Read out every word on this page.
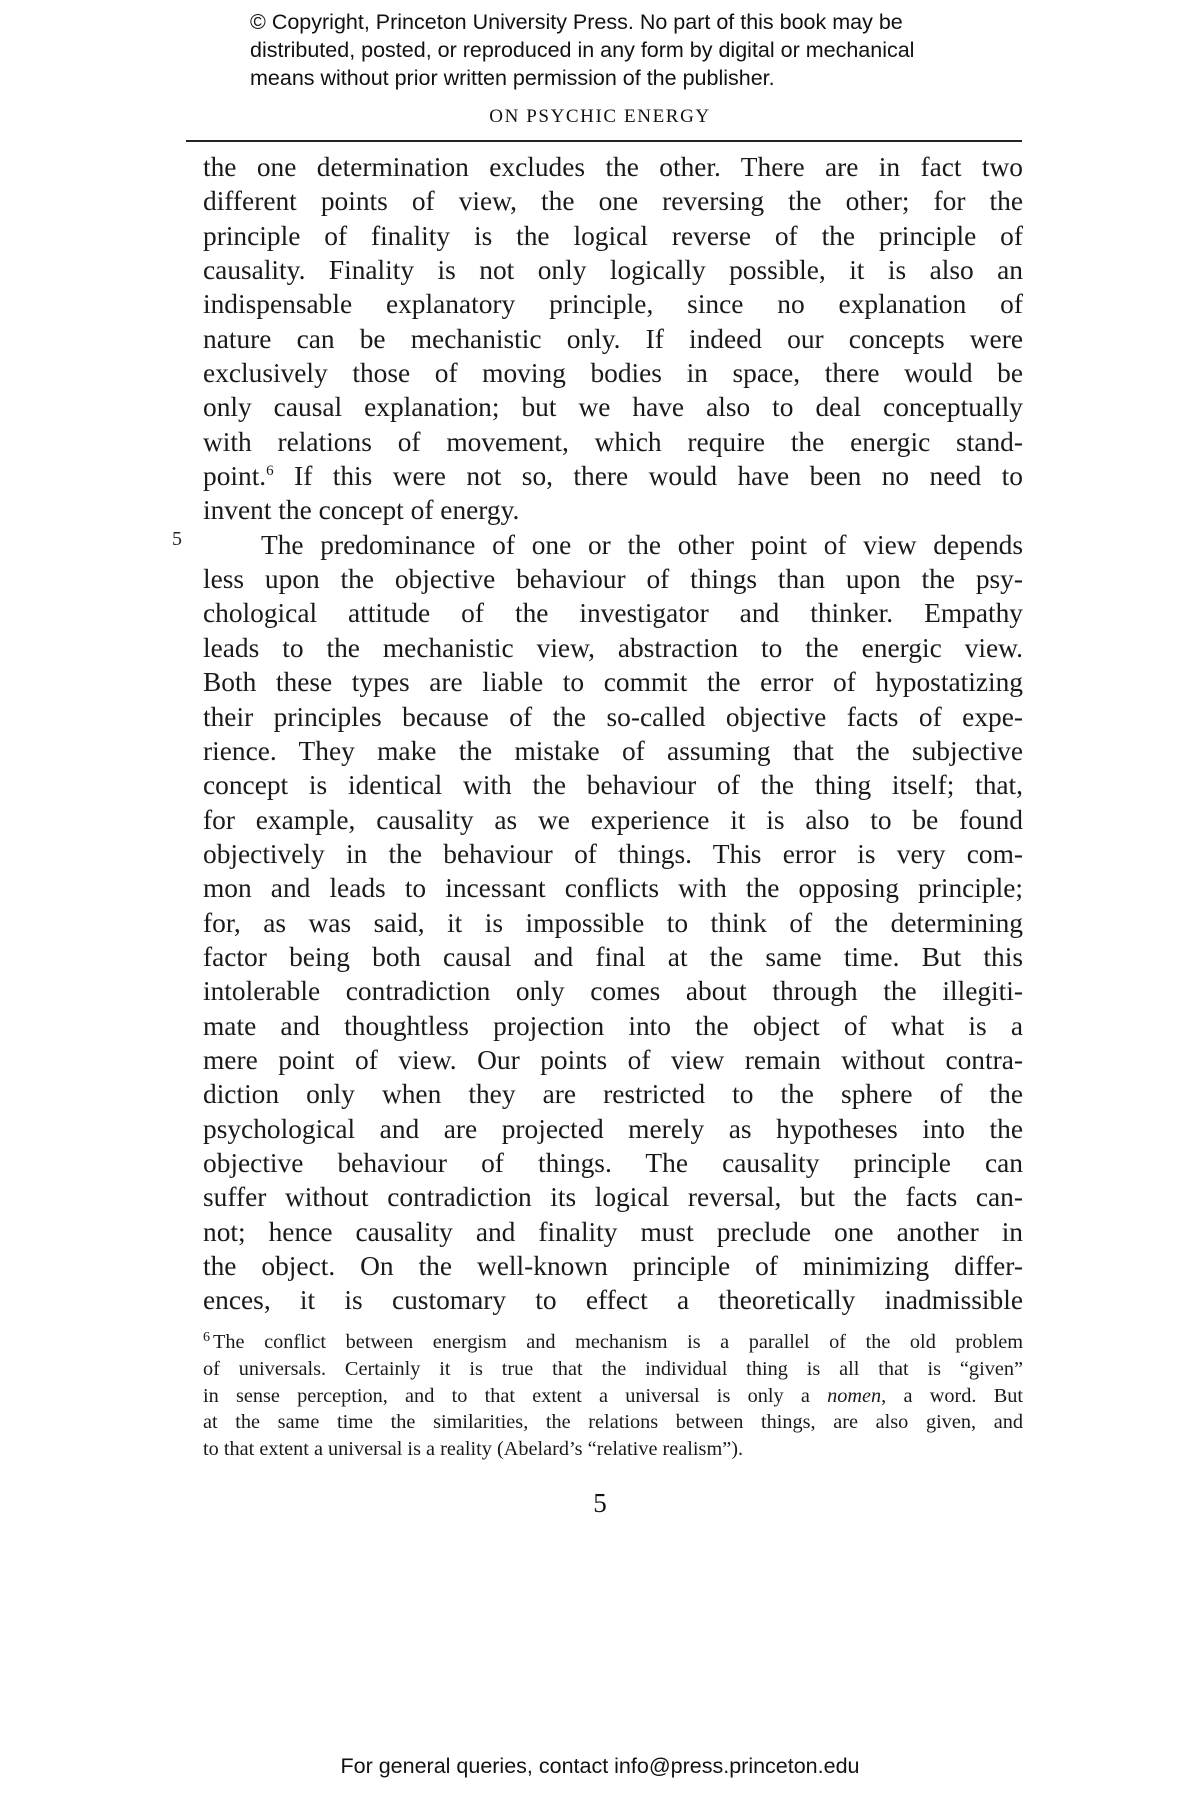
© Copyright, Princeton University Press. No part of this book may be
distributed, posted, or reproduced in any form by digital or mechanical
means without prior written permission of the publisher.
ON PSYCHIC ENERGY
5
the one determination excludes the other. There are in fact two
different points of view, the one reversing the other; for the
principle of finality is the logical reverse of the principle of
causality. Finality is not only logically possible, it is also an
indispensable explanatory principle, since no explanation of
nature can be mechanistic only. If indeed our concepts were
exclusively those of moving bodies in space, there would be
only causal explanation; but we have also to deal conceptually
with relations of movement, which require the energic stand-
point.$^6$ If this were not so, there would have been no need to
invent the concept of energy.
The predominance of one or the other point of view depends
less upon the objective behaviour of things than upon the psy-
chological attitude of the investigator and thinker. Empathy
leads to the mechanistic view, abstraction to the energic view.
Both these types are liable to commit the error of hypostatizing
their principles because of the so-called objective facts of expe-
rience. They make the mistake of assuming that the subjective
concept is identical with the behaviour of the thing itself; that,
for example, causality as we experience it is also to be found
objectively in the behaviour of things. This error is very com-
mon and leads to incessant conflicts with the opposing principle;
for, as was said, it is impossible to think of the determining
factor being both causal and final at the same time. But this
intolerable contradiction only comes about through the illegiti-
mate and thoughtless projection into the object of what is a
mere point of view. Our points of view remain without contra-
diction only when they are restricted to the sphere of the
psychological and are projected merely as hypotheses into the
objective behaviour of things. The causality principle can
suffer without contradiction its logical reversal, but the facts can-
not; hence causality and finality must preclude one another in
the object. On the well-known principle of minimizing differ-
ences, it is customary to effect a theoretically inadmissible
$^6$ The conflict between energism and mechanism is a parallel of the old problem
of universals. Certainly it is true that the individual thing is all that is “given”
in sense perception, and to that extent a universal is only a nomen, a word. But
at the same time the similarities, the relations between things, are also given, and
to that extent a universal is a reality (Abelard’s “relative realism”).
5
For general queries, contact info@press.princeton.edu
